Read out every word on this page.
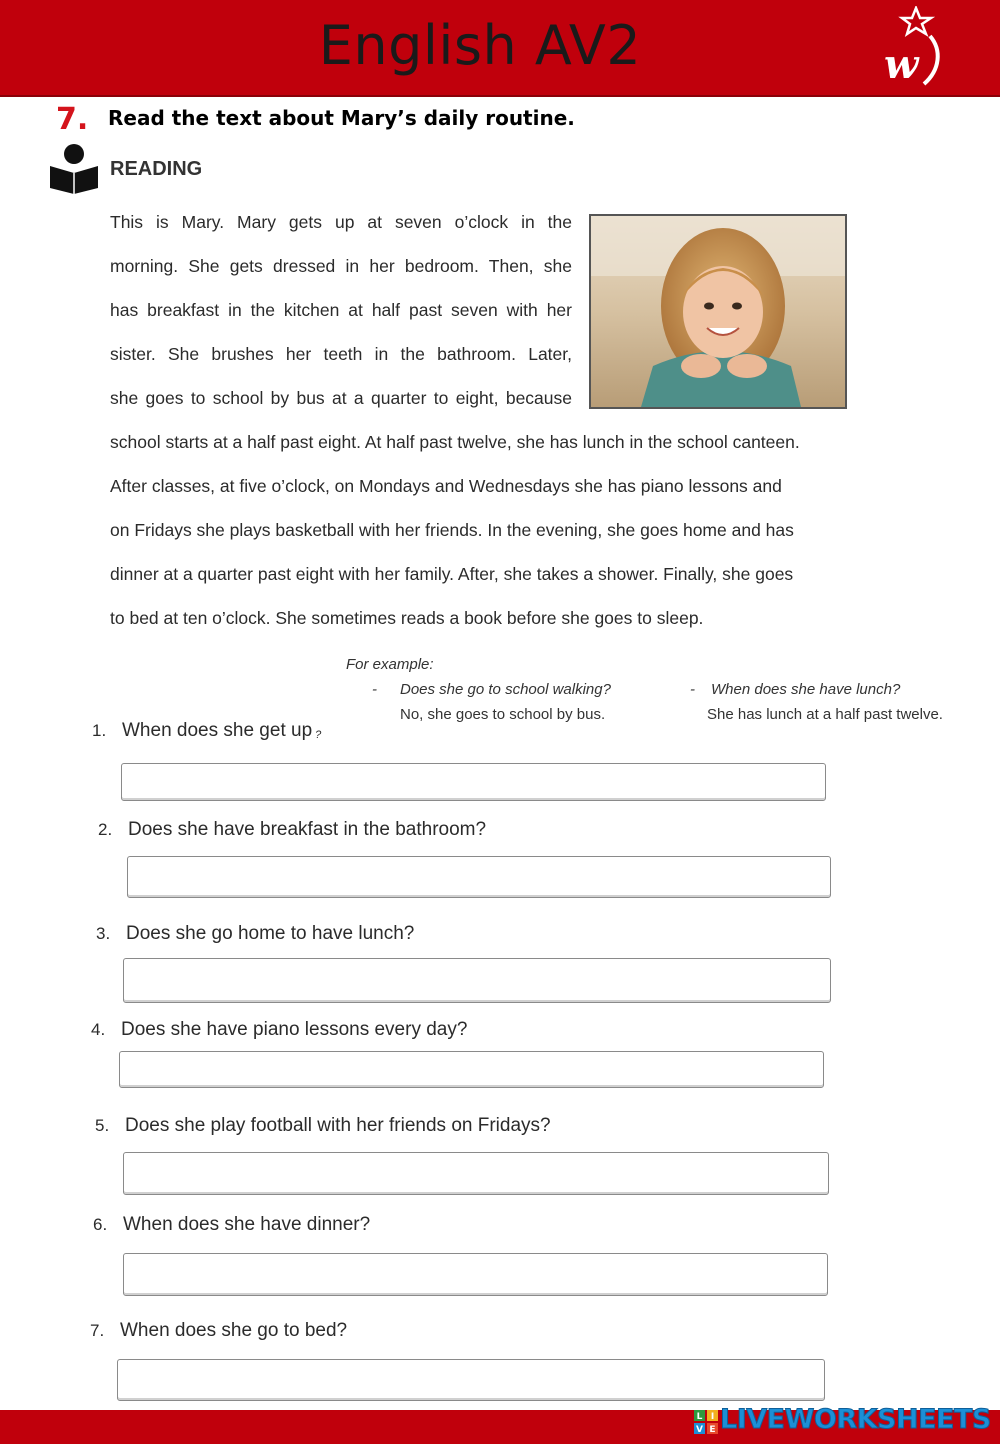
English AV2	w
7. Read the text about Mary’s daily routine.
READING
This is Mary. Mary gets up at seven o’clock in the
morning. She gets dressed in her bedroom. Then, she
has breakfast in the kitchen at half past seven with her
sister. She brushes her teeth in the bathroom. Later,
she goes to school by bus at a quarter to eight, because
school starts at a half past eight. At half past twelve, she has lunch in the school canteen.
After classes, at five o’clock, on Mondays and Wednesdays she has piano lessons and
on Fridays she plays basketball with her friends. In the evening, she goes home and has
dinner at a quarter past eight with her family. After, she takes a shower. Finally, she goes
to bed at ten o’clock. She sometimes reads a book before she goes to sleep.
For example:
- Does she go to school walking?
No, she goes to school by bus.
- When does she have lunch?
She has lunch at a half past twelve.
1. When does she get up ?
2. Does she have breakfast in the bathroom?
3. Does she go home to have lunch?
4. Does she have piano lessons every day?
5. Does she play football with her friends on Fridays?
6. When does she have dinner?
7. When does she go to bed?
L I
V E LIVEWORKSHEETS
